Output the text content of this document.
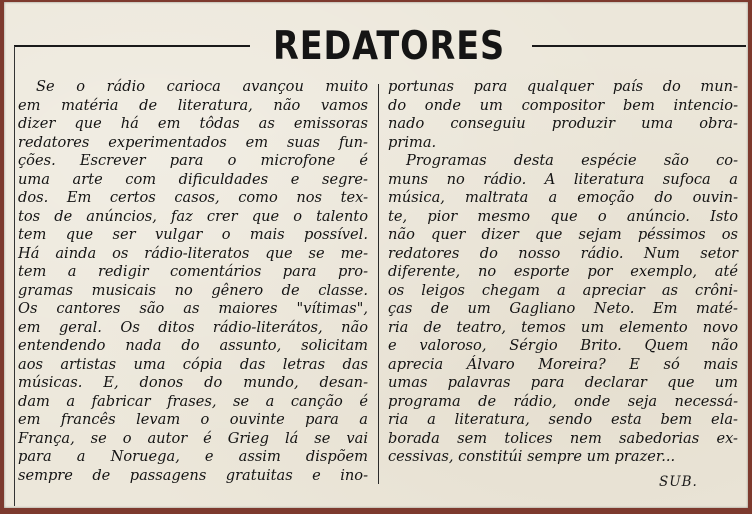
REDATORES
Se o rádio carioca avançou muito
em matéria de literatura, não vamos
dizer que há em tôdas as emissoras
redatores experimentados em suas fun-
ções. Escrever para o microfone é
uma arte com dificuldades e segre-
dos. Em certos casos, como nos tex-
tos de anúncios, faz crer que o talento
tem que ser vulgar o mais possível.
Há ainda os rádio-literatos que se me-
tem a redigir comentários para pro-
gramas musicais no gênero de classe.
Os cantores são as maiores "vítimas",
em geral. Os ditos rádio-literátos, não
entendendo nada do assunto, solicitam
aos artistas uma cópia das letras das
músicas. E, donos do mundo, desan-
dam a fabricar frases, se a canção é
em francês levam o ouvinte para a
França, se o autor é Grieg lá se vai
para a Noruega, e assim dispõem
sempre de passagens gratuitas e ino-
portunas para qualquer país do mun-
do onde um compositor bem intencio-
nado conseguiu produzir uma obra-
prima.
Programas desta espécie são co-
muns no rádio. A literatura sufoca a
música, maltrata a emoção do ouvin-
te, pior mesmo que o anúncio. Isto
não quer dizer que sejam péssimos os
redatores do nosso rádio. Num setor
diferente, no esporte por exemplo, até
os leigos chegam a apreciar as crôni-
ças de um Gagliano Neto. Em maté-
ria de teatro, temos um elemento novo
e valoroso, Sérgio Brito. Quem não
aprecia Álvaro Moreira? E só mais
umas palavras para declarar que um
programa de rádio, onde seja necessá-
ria a literatura, sendo esta bem ela-
borada sem tolices nem sabedorias ex-
cessivas, constitúi sempre um prazer...
SUB.
